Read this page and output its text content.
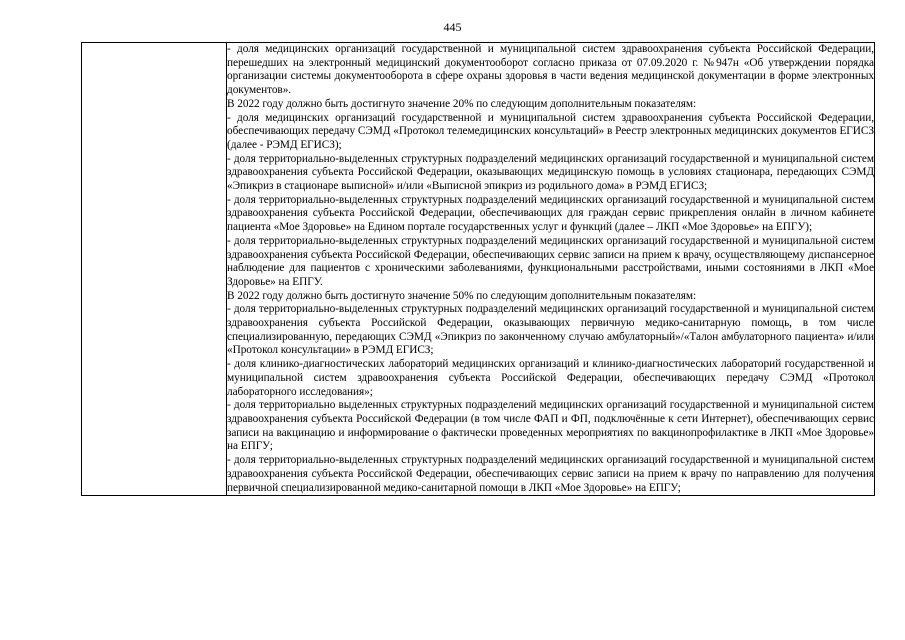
445

- доля медицинских организаций государственной и муниципальной систем здравоохранения субъекта Российской Федерации, перешедших на электронный медицинский документооборот согласно приказа от 07.09.2020 г. №947н «Об утверждении порядка организации системы документооборота в сфере охраны здоровья в части ведения медицинской документации в форме электронных документов».

В 2022 году должно быть достигнуто значение 20% по следующим дополнительным показателям:

- доля медицинских организаций государственной и муниципальной систем здравоохранения субъекта Российской Федерации, обеспечивающих передачу СЭМД «Протокол телемедицинских консультаций» в Реестр электронных медицинских документов ЕГИСЗ (далее - РЭМД ЕГИСЗ);

- доля территориально-выделенных структурных подразделений медицинских организаций государственной и муниципальной систем здравоохранения субъекта Российской Федерации, оказывающих медицинскую помощь в условиях стационара, передающих СЭМД «Эпикриз в стационаре выписной» и/или «Выписной эпикриз из родильного дома» в РЭМД ЕГИСЗ;

- доля территориально-выделенных структурных подразделений медицинских организаций государственной и муниципальной систем здравоохранения субъекта Российской Федерации, обеспечивающих для граждан сервис прикрепления онлайн в личном кабинете пациента «Мое Здоровье» на Едином портале государственных услуг и функций (далее – ЛКП «Мое Здоровье» на ЕПГУ);

- доля территориально-выделенных структурных подразделений медицинских организаций государственной и муниципальной систем здравоохранения субъекта Российской Федерации, обеспечивающих сервис записи на прием к врачу, осуществляющему диспансерное наблюдение для пациентов с хроническими заболеваниями, функциональными расстройствами, иными состояниями в ЛКП «Мое Здоровье» на ЕПГУ.

В 2022 году должно быть достигнуто значение 50% по следующим дополнительным показателям:

- доля территориально-выделенных структурных подразделений медицинских организаций государственной и муниципальной систем здравоохранения субъекта Российской Федерации, оказывающих первичную медико-санитарную помощь, в том числе специализированную, передающих СЭМД «Эпикриз по законченному случаю амбулаторный»/«Талон амбулаторного пациента» и/или «Протокол консультации» в РЭМД ЕГИСЗ;

- доля клинико-диагностических лабораторий медицинских организаций и клинико-диагностических лабораторий государственной и муниципальной систем здравоохранения субъекта Российской Федерации, обеспечивающих передачу СЭМД «Протокол лабораторного исследования»;

- доля территориально выделенных структурных подразделений медицинских организаций государственной и муниципальной систем здравоохранения субъекта Российской Федерации (в том числе ФАП и ФП, подключённые к сети Интернет), обеспечивающих сервис записи на вакцинацию и информирование о фактически проведенных мероприятиях по вакцинопрофилактике в ЛКП «Мое Здоровье» на ЕПГУ;

- доля территориально-выделенных структурных подразделений медицинских организаций государственной и муниципальной систем здравоохранения субъекта Российской Федерации, обеспечивающих сервис записи на прием к врачу по направлению для получения первичной специализированной медико-санитарной помощи в ЛКП «Мое Здоровье» на ЕПГУ;
